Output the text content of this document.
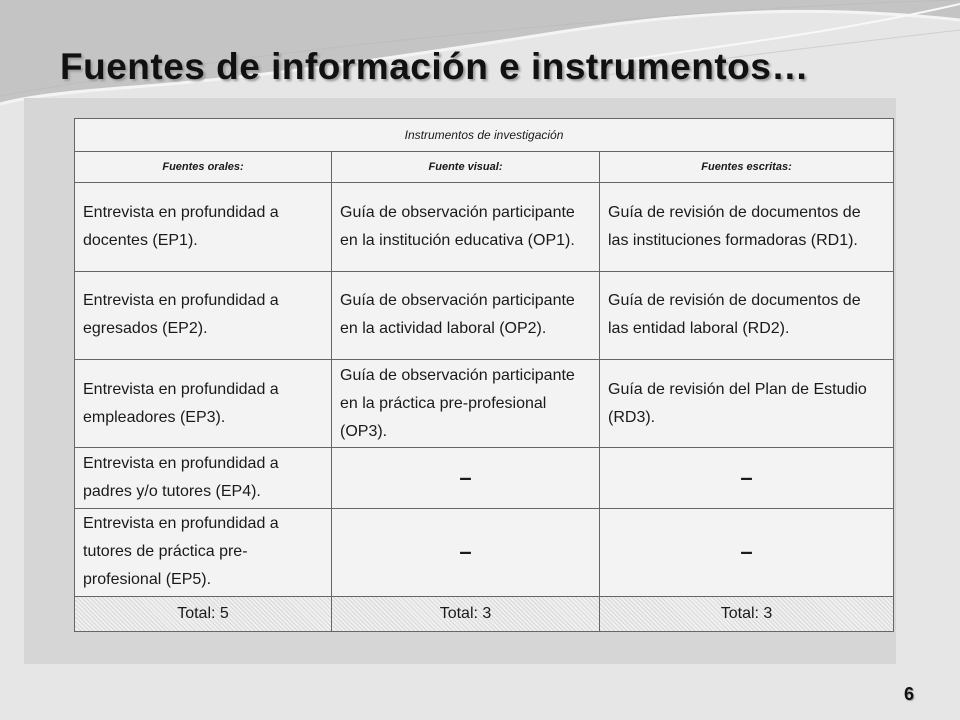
Fuentes de información e instrumentos…
Instrumentos de investigación		
Fuentes orales:	Fuente visual:	Fuentes escritas:
Entrevista en profundidad a docentes (EP1).	Guía de observación participante en la institución educativa (OP1).	Guía de revisión de documentos de las instituciones formadoras (RD1).
Entrevista en profundidad a egresados (EP2).	Guía de observación participante en la actividad laboral (OP2).	Guía de revisión de documentos de las entidad laboral (RD2).
Entrevista en profundidad a empleadores (EP3).	Guía de observación participante en la práctica pre-profesional (OP3).	Guía de revisión del Plan de Estudio (RD3).
Entrevista en profundidad a padres y/o tutores (EP4).	–	–
Entrevista en profundidad a tutores de práctica pre-profesional (EP5).	–	–
Total: 5	Total: 3	Total: 3
6
